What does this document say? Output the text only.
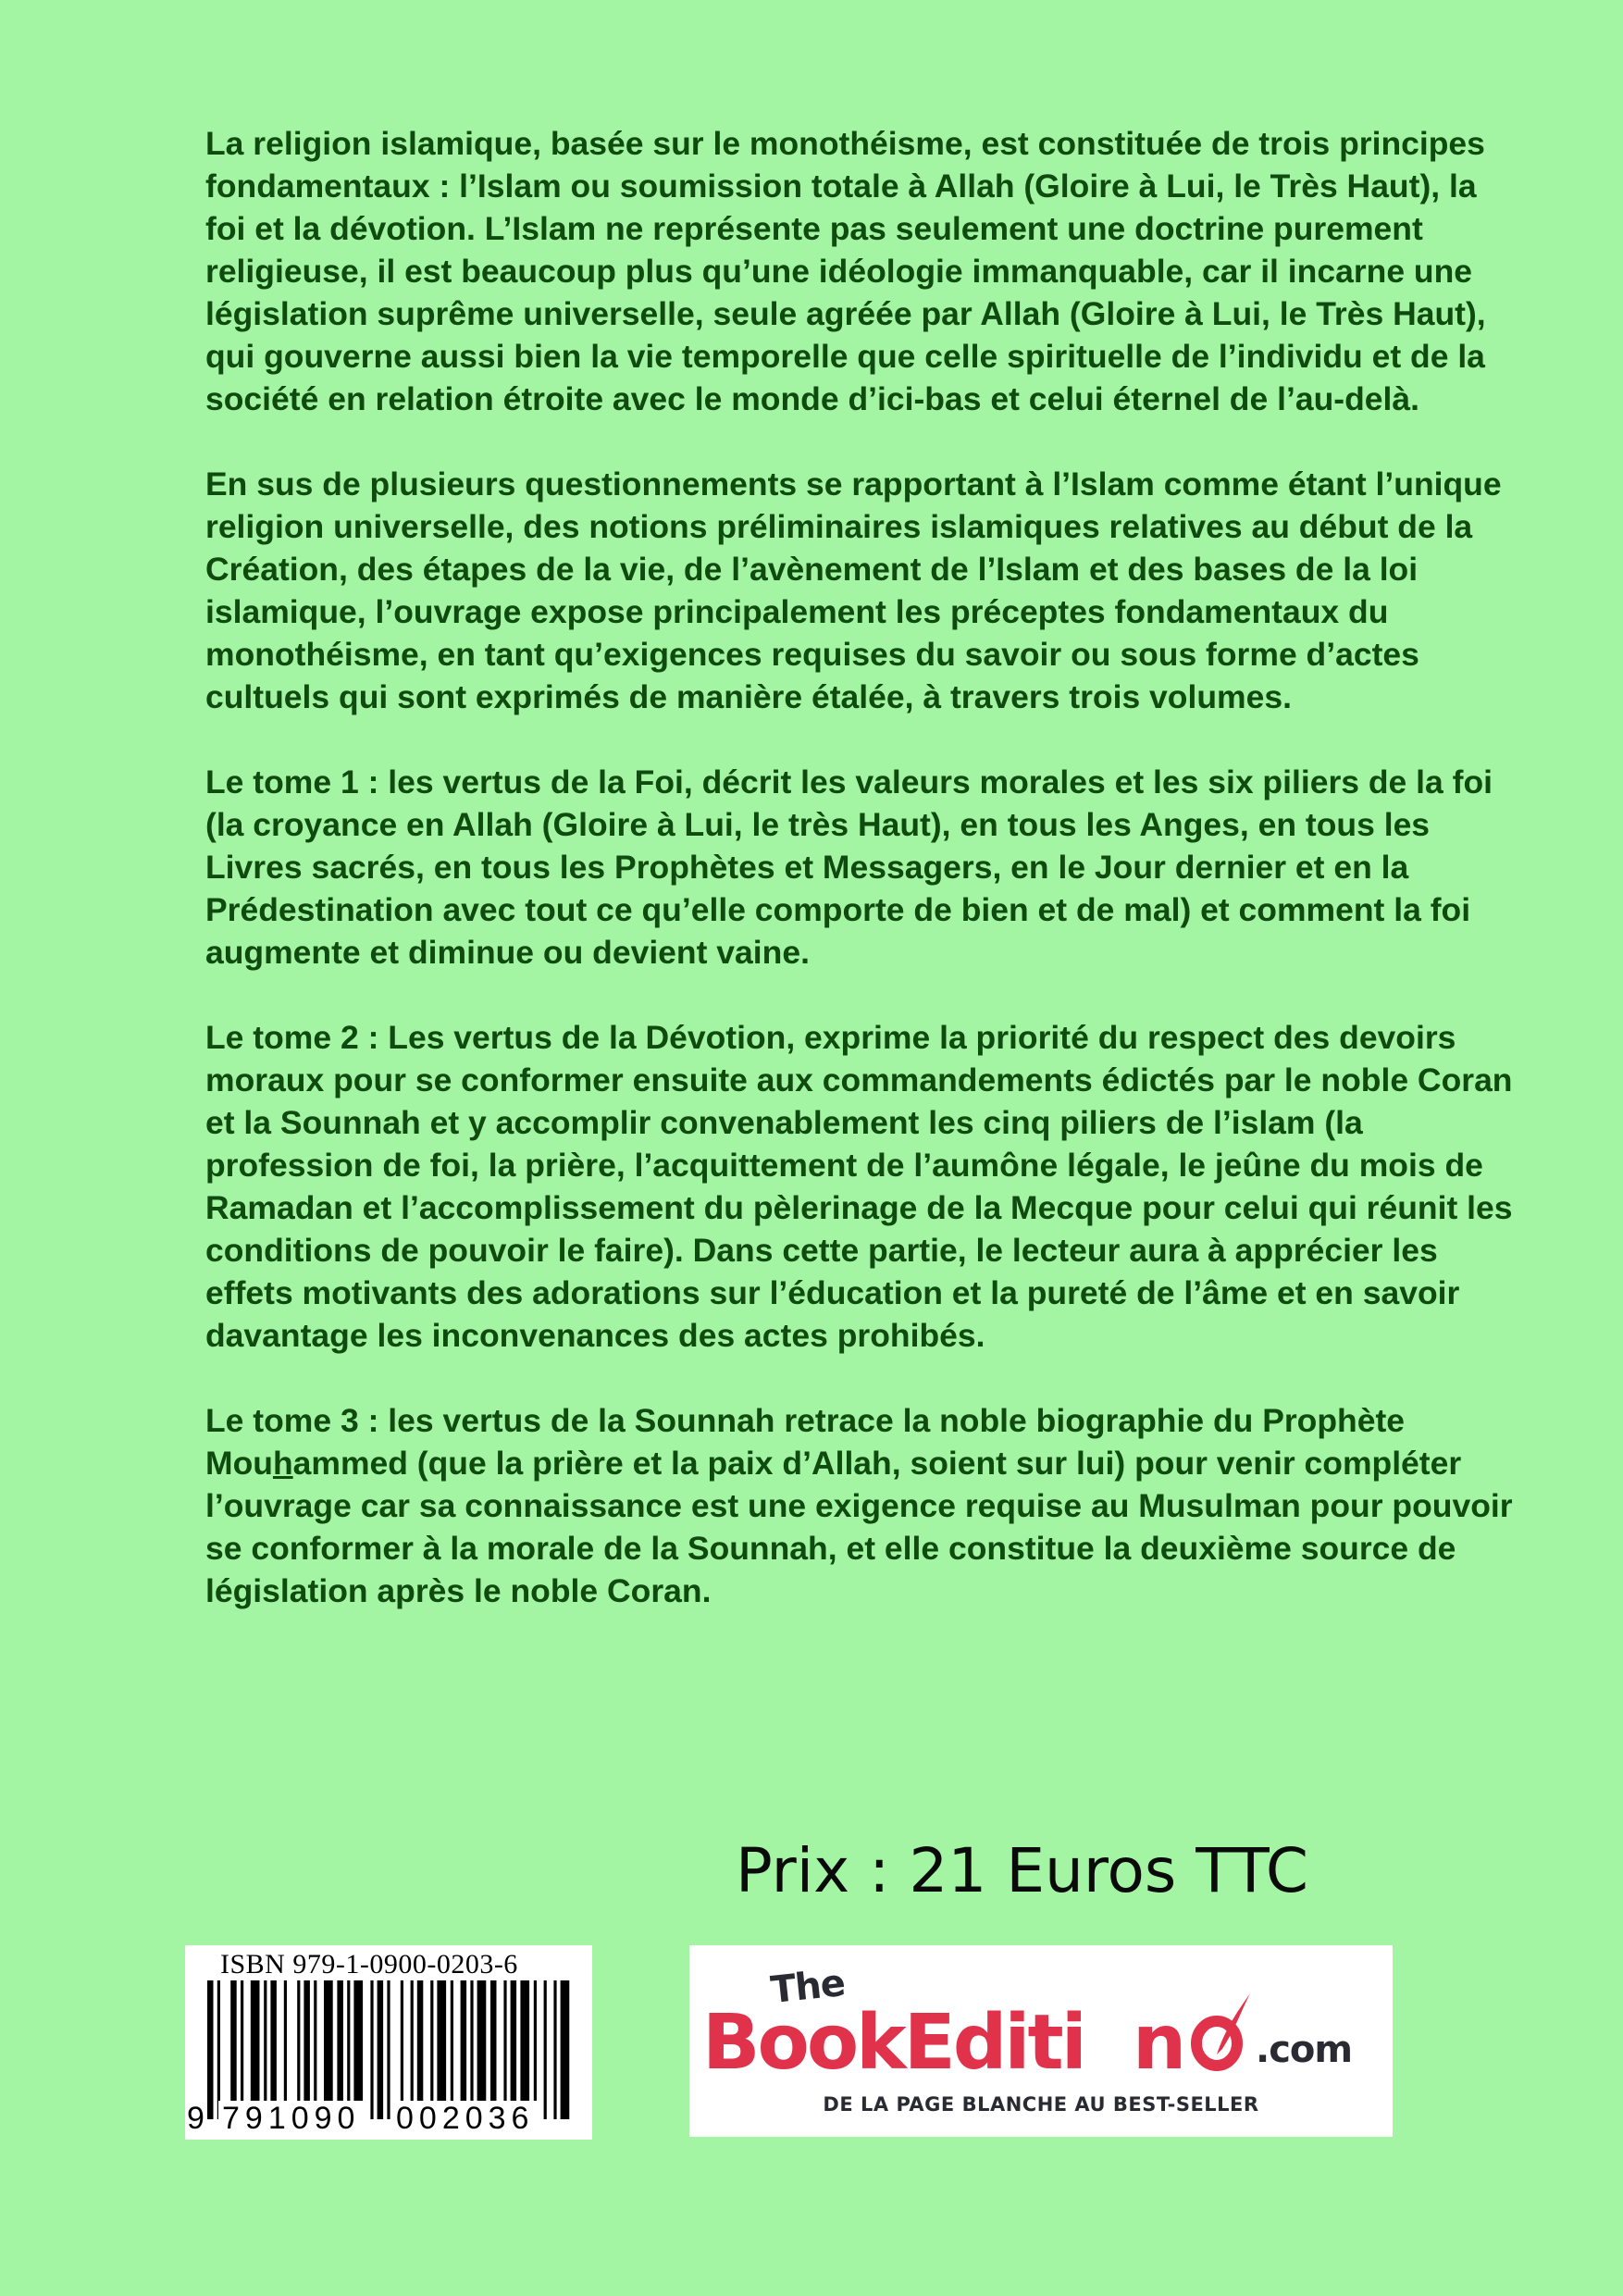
La religion islamique, basée sur le monothéisme, est constituée de trois principes fondamentaux : l’Islam ou soumission totale à Allah (Gloire à Lui, le Très Haut), la foi et la dévotion. L’Islam ne représente pas seulement une doctrine purement religieuse, il est beaucoup plus qu’une idéologie immanquable, car il incarne une législation suprême universelle, seule agréée par Allah (Gloire à Lui, le Très Haut), qui gouverne aussi bien la vie temporelle que celle spirituelle de l’individu et de la société en relation étroite avec le monde d’ici-bas et celui éternel de l’au-delà.

En sus de plusieurs questionnements se rapportant à l’Islam comme étant l’unique religion universelle, des notions préliminaires islamiques relatives au début de la Création, des étapes de la vie, de l’avènement de l’Islam et des bases de la loi islamique, l’ouvrage expose principalement les préceptes fondamentaux du monothéisme, en tant qu’exigences requises du savoir ou sous forme d’actes cultuels qui sont exprimés de manière étalée, à travers trois volumes.

Le tome 1 : les vertus de la Foi, décrit les valeurs morales et les six piliers de la foi (la croyance en Allah (Gloire à Lui, le très Haut), en tous les Anges, en tous les Livres sacrés, en tous les Prophètes et Messagers, en le Jour dernier et en la Prédestination avec tout ce qu’elle comporte de bien et de mal) et comment la foi augmente et diminue ou devient vaine.

Le tome 2 : Les vertus de la Dévotion, exprime la priorité du respect des devoirs moraux pour se conformer ensuite aux commandements édictés par le noble Coran et la Sounnah et y accomplir convenablement les cinq piliers de l’islam (la profession de foi, la prière, l’acquittement de l’aumône légale, le jeûne du mois de Ramadan et l’accomplissement du pèlerinage de la Mecque pour celui qui réunit les conditions de pouvoir le faire). Dans cette partie, le lecteur aura à apprécier les effets motivants des adorations sur l’éducation et la pureté de l’âme et en savoir davantage les inconvenances des actes prohibés.

Le tome 3 : les vertus de la Sounnah retrace la noble biographie du Prophète Mouhammed (que la prière et la paix d’Allah, soient sur lui) pour venir compléter l’ouvrage car sa connaissance est une exigence requise au Musulman pour pouvoir se conformer à la morale de la Sounnah, et elle constitue la deuxième source de législation après le noble Coran.

Prix : 21 Euros TTC
ISBN 979-1-0900-0203-6
9 791090 002036
The
BookEditi n .com
DE LA PAGE BLANCHE AU BEST-SELLER
